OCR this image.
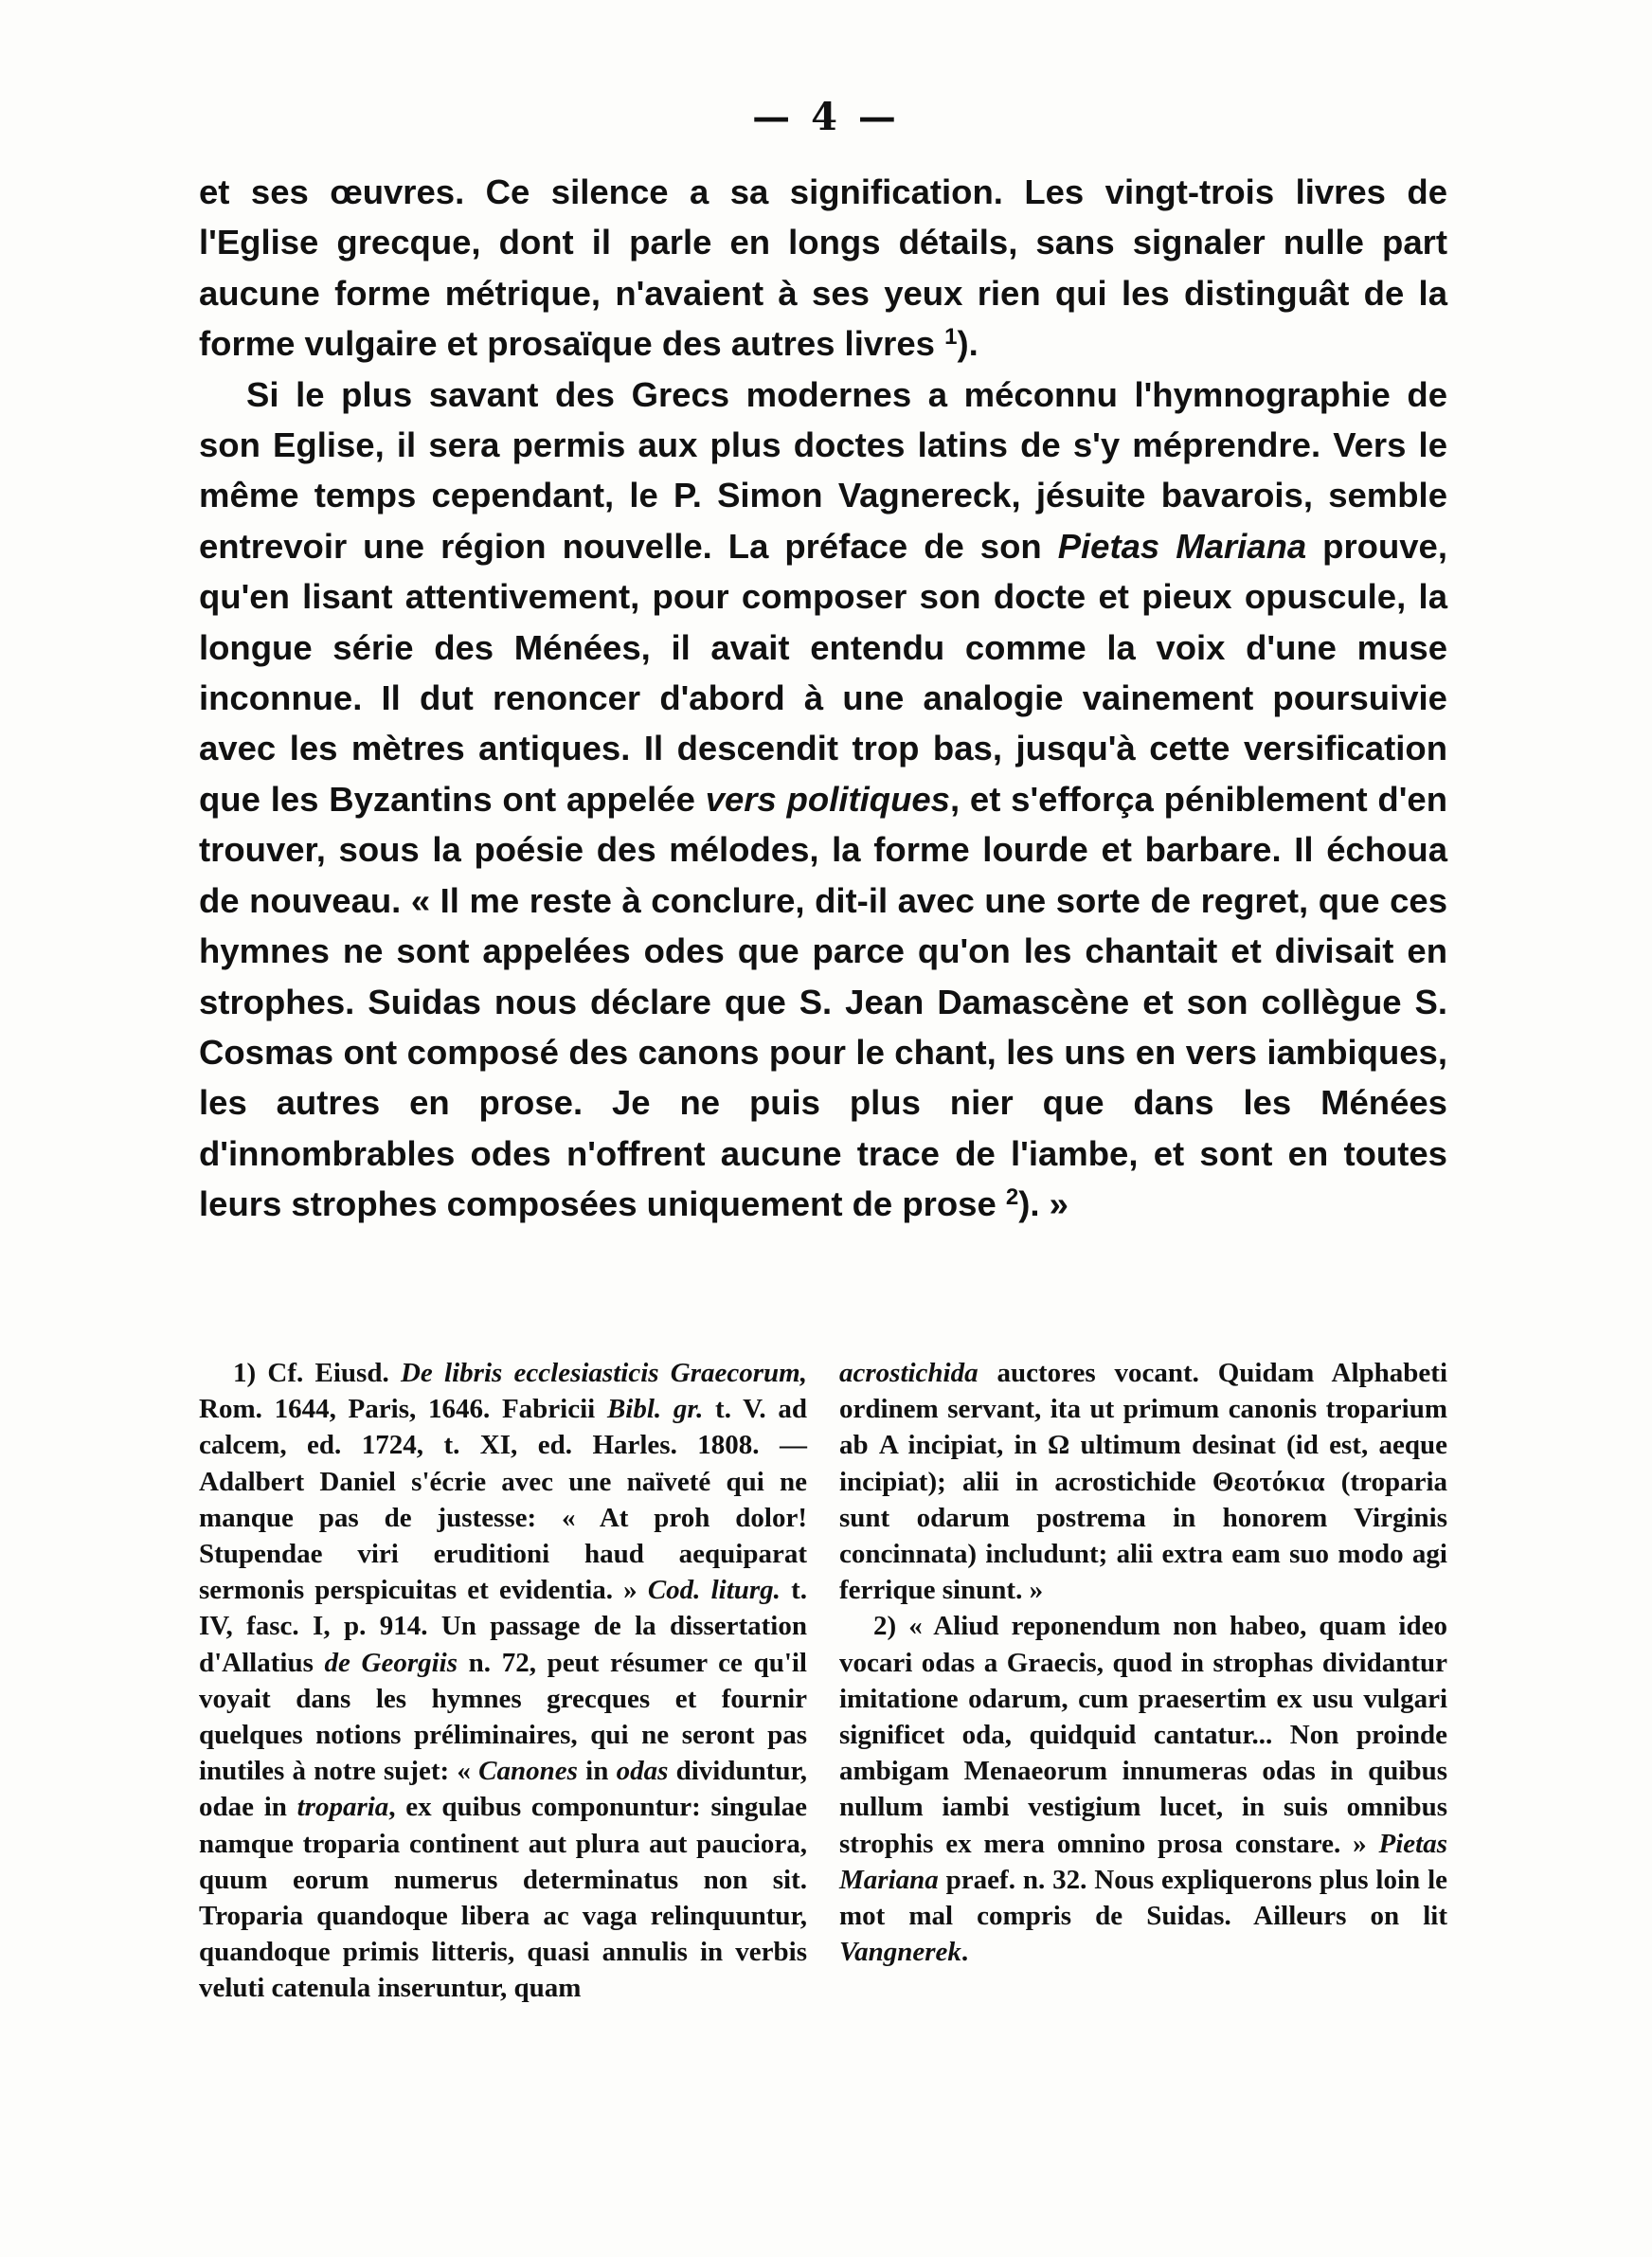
— 4 —

et ses œuvres. Ce silence a sa signification. Les vingt-trois livres de l'Eglise grecque, dont il parle en longs détails, sans signaler nulle part aucune forme métrique, n'avaient à ses yeux rien qui les distinguât de la forme vulgaire et prosaïque des autres livres $^1$).

Si le plus savant des Grecs modernes a méconnu l'hymnographie de son Eglise, il sera permis aux plus doctes latins de s'y méprendre. Vers le même temps cependant, le P. Simon Vagnereck, jésuite bavarois, semble entrevoir une région nouvelle. La préface de son Pietas Mariana prouve, qu'en lisant attentivement, pour composer son docte et pieux opuscule, la longue série des Ménées, il avait entendu comme la voix d'une muse inconnue. Il dut renoncer d'abord à une analogie vainement poursuivie avec les mètres antiques. Il descendit trop bas, jusqu'à cette versification que les Byzantins ont appelée vers politiques, et s'efforça péniblement d'en trouver, sous la poésie des mélodes, la forme lourde et barbare. Il échoua de nouveau. « Il me reste à conclure, dit-il avec une sorte de regret, que ces hymnes ne sont appelées odes que parce qu'on les chantait et divisait en strophes. Suidas nous déclare que S. Jean Damascène et son collègue S. Cosmas ont composé des canons pour le chant, les uns en vers iambiques, les autres en prose. Je ne puis plus nier que dans les Ménées d'innombrables odes n'offrent aucune trace de l'iambe, et sont en toutes leurs strophes composées uniquement de prose $^2$). »

1) Cf. Eiusd. De libris ecclesiasticis Graecorum, Rom. 1644, Paris, 1646. Fabricii Bibl. gr. t. V. ad calcem, ed. 1724, t. XI, ed. Harles. 1808. — Adalbert Daniel s'écrie avec une naïveté qui ne manque pas de justesse: « At proh dolor! Stupendae viri eruditioni haud aequiparat sermonis perspicuitas et evidentia. » Cod. liturg. t. IV, fasc. I, p. 914. Un passage de la dissertation d'Allatius de Georgiis n. 72, peut résumer ce qu'il voyait dans les hymnes grecques et fournir quelques notions préliminaires, qui ne seront pas inutiles à notre sujet: « Canones in odas dividuntur, odae in troparia, ex quibus componuntur: singulae namque troparia continent aut plura aut pauciora, quum eorum numerus determinatus non sit. Troparia quandoque libera ac vaga relinquuntur, quandoque primis litteris, quasi annulis in verbis veluti catenula inseruntur, quam

acrostichida auctores vocant. Quidam Alphabeti ordinem servant, ita ut primum canonis troparium ab Α incipiat, in Ω ultimum desinat (id est, aeque incipiat); alii in acrostichide Θεοτόκια (troparia sunt odarum postrema in honorem Virginis concinnata) includunt; alii extra eam suo modo agi ferrique sinunt. »

2) « Aliud reponendum non habeo, quam ideo vocari odas a Graecis, quod in strophas dividantur imitatione odarum, cum praesertim ex usu vulgari significet oda, quidquid cantatur... Non proinde ambigam Menaeorum innumeras odas in quibus nullum iambi vestigium lucet, in suis omnibus strophis ex mera omnino prosa constare. » Pietas Mariana praef. n. 32. Nous expliquerons plus loin le mot mal compris de Suidas. Ailleurs on lit Vangnerek.
